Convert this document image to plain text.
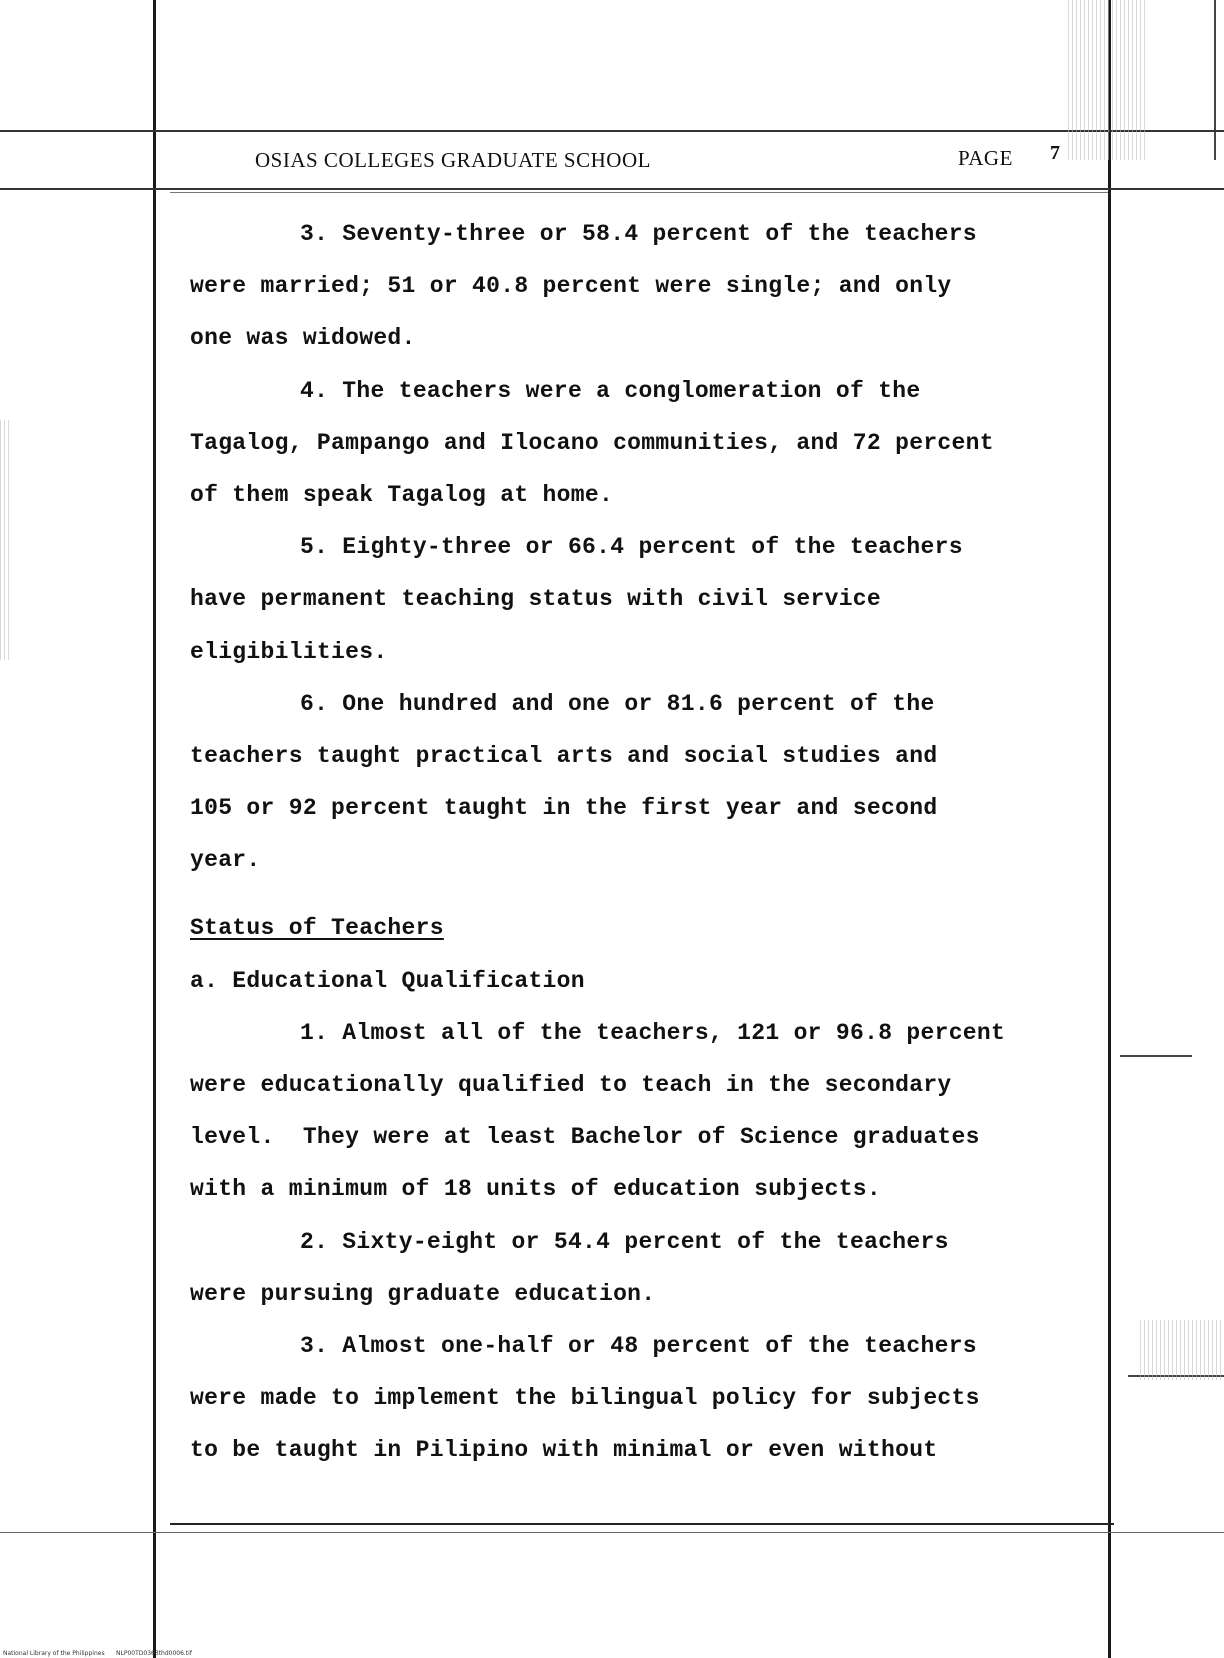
OSIAS COLLEGES GRADUATE SCHOOL	PAGE 7
3. Seventy-three or 58.4 percent of the teachers
were married; 51 or 40.8 percent were single; and only
one was widowed.
4. The teachers were a conglomeration of the
Tagalog, Pampango and Ilocano communities, and 72 percent
of them speak Tagalog at home.
5. Eighty-three or 66.4 percent of the teachers
have permanent teaching status with civil service
eligibilities.
6. One hundred and one or 81.6 percent of the
teachers taught practical arts and social studies and
105 or 92 percent taught in the first year and second
year.
Status of Teachers
a. Educational Qualification
1. Almost all of the teachers, 121 or 96.8 percent
were educationally qualified to teach in the secondary
level.  They were at least Bachelor of Science graduates
with a minimum of 18 units of education subjects.
2. Sixty-eight or 54.4 percent of the teachers
were pursuing graduate education.
3. Almost one-half or 48 percent of the teachers
were made to implement the bilingual policy for subjects
to be taught in Pilipino with minimal or even without
National Library of the Philippines NLP00TD0363thd0006.tif
